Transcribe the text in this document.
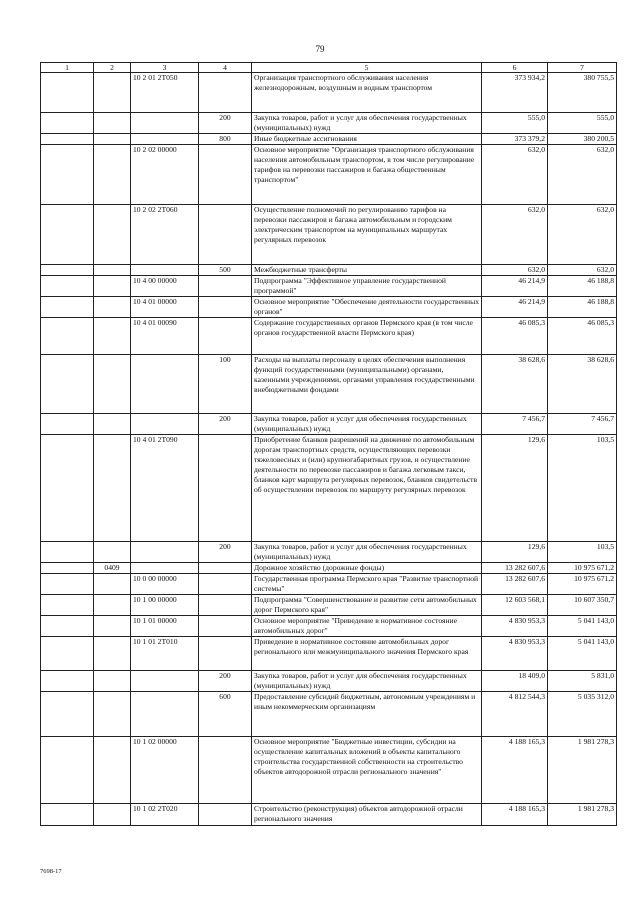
79
1	2	3	4	5	6	7
		10 2 01 2Т050		Организация транспортного обслуживания населения железнодорожным, воздушным и водным транспортом	373 934,2	380 755,5
			200	Закупка товаров, работ и услуг для обеспечения государственных (муниципальных) нужд	555,0	555,0
			800	Иные бюджетные ассигнования	373 379,2	380 200,5
		10 2 02 00000		Основное мероприятие "Организация транспортного обслуживания населения автомобильным транспортом, в том числе регулирование тарифов на перевозки пассажиров и багажа общественным транспортом"	632,0	632,0
		10 2 02 2Т060		Осуществление полномочий по регулированию тарифов на перевозки пассажиров и багажа автомобильным и городским электрическим транспортом на муниципальных маршрутах регулярных перевозок	632,0	632,0
			500	Межбюджетные трансферты	632,0	632,0
		10 4 00 00000		Подпрограмма "Эффективное управление государственной программой"	46 214,9	46 188,8
		10 4 01 00000		Основное мероприятие "Обеспечение деятельности государственных органов"	46 214,9	46 188,8
		10 4 01 00090		Содержание государственных органов Пермского края (в том числе органов государственной власти Пермского края)	46 085,3	46 085,3
			100	Расходы на выплаты персоналу в целях обеспечения выполнения функций государственными (муниципальными) органами, казенными учреждениями, органами управления государственными внебюджетными фондами	38 628,6	38 628,6
			200	Закупка товаров, работ и услуг для обеспечения государственных (муниципальных) нужд	7 456,7	7 456,7
		10 4 01 2Т090		Приобретение бланков разрешений на движение по автомобильным дорогам транспортных средств, осуществляющих перевозки тяжеловесных и (или) крупногабаритных грузов, и осуществление деятельности по перевозке пассажиров и багажа легковым такси, бланков карт маршрута регулярных перевозок, бланков свидетельств об осуществлении перевозок по маршруту регулярных перевозок	129,6	103,5
			200	Закупка товаров, работ и услуг для обеспечения государственных (муниципальных) нужд	129,6	103,5
	0409			Дорожное хозяйство (дорожные фонды)	13 282 607,6	10 975 671,2
		10 0 00 00000		Государственная программа Пермского края "Развитие транспортной системы"	13 282 607,6	10 975 671,2
		10 1 00 00000		Подпрограмма "Совершенствование и развитие сети автомобильных дорог Пермского края"	12 603 568,1	10 607 350,7
		10 1 01 00000		Основное мероприятие "Приведение в нормативное состояние автомобильных дорог"	4 830 953,3	5 041 143,0
		10 1 01 2Т010		Приведение в нормативное состояние автомобильных дорог регионального или межмуниципального значения Пермского края	4 830 953,3	5 041 143,0
			200	Закупка товаров, работ и услуг для обеспечения государственных (муниципальных) нужд	18 409,0	5 831,0
			600	Предоставление субсидий бюджетным, автономным учреждениям и иным некоммерческим организациям	4 812 544,3	5 035 312,0
		10 1 02 00000		Основное мероприятие "Бюджетные инвестиции, субсидии на осуществление капитальных вложений в объекты капитального строительства государственной собственности на строительство объектов автодорожной отрасли регионального значения"	4 188 165,3	1 981 278,3
		10 1 02 2Т020		Строительство (реконструкция) объектов автодорожной отрасли регионального значения	4 188 165,3	1 981 278,3
7698-17
